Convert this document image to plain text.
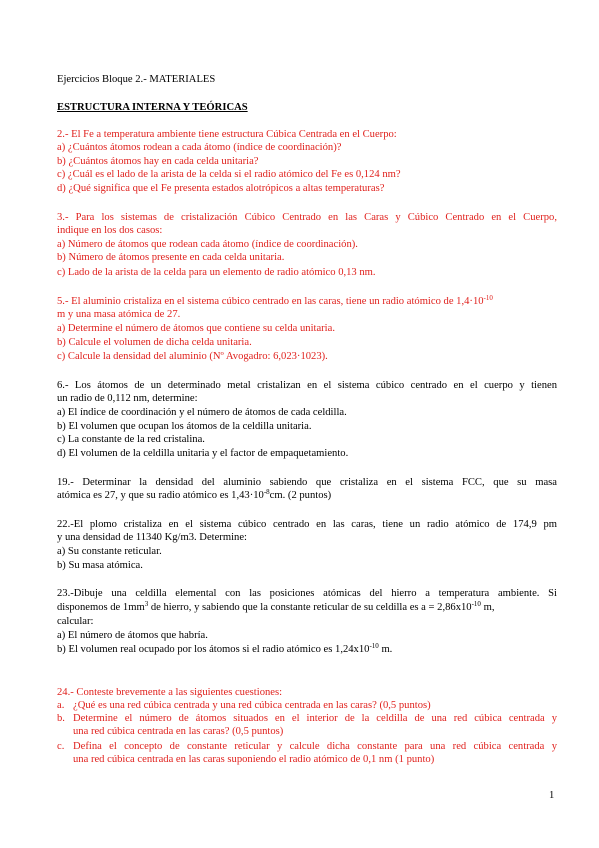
Ejercicios Bloque 2.- MATERIALES
ESTRUCTURA INTERNA Y TEÓRICAS
2.- El Fe a temperatura ambiente tiene estructura Cúbica Centrada en el Cuerpo:
a) ¿Cuántos átomos rodean a cada átomo (índice de coordinación)?
b) ¿Cuántos átomos hay en cada celda unitaria?
c) ¿Cuál es el lado de la arista de la celda si el radio atómico del Fe es 0,124 nm?
d) ¿Qué significa que el Fe presenta estados alotrópicos a altas temperaturas?
3.- Para los sistemas de cristalización Cúbico Centrado en las Caras y Cúbico Centrado en el Cuerpo,
indique en los dos casos:
a) Número de átomos que rodean cada átomo (índice de coordinación).
b) Número de átomos presente en cada celda unitaria.
c) Lado de la arista de la celda para un elemento de radio atómico 0,13 nm.
5.- El aluminio cristaliza en el sistema cúbico centrado en las caras, tiene un radio atómico de $1,4\cdot 10^{-10}$
m y una masa atómica de 27.
a) Determine el número de átomos que contiene su celda unitaria.
b) Calcule el volumen de dicha celda unitaria.
c) Calcule la densidad del aluminio (Nº Avogadro: 6,023·1023).
6.- Los átomos de un determinado metal cristalizan en el sistema cúbico centrado en el cuerpo y tienen
un radio de 0,112 nm, determine:
a) El índice de coordinación y el número de átomos de cada celdilla.
b) El volumen que ocupan los átomos de la celdilla unitaria.
c) La constante de la red cristalina.
d) El volumen de la celdilla unitaria y el factor de empaquetamiento.
19.- Determinar la densidad del aluminio sabiendo que cristaliza en el sistema FCC, que su masa
atómica es 27, y que su radio atómico es $1,43\cdot 10^{-8}cm$. (2 puntos)
22.-El plomo cristaliza en el sistema cúbico centrado en las caras, tiene un radio atómico de 174,9 pm
y una densidad de 11340 Kg/m3. Determine:
a) Su constante reticular.
b) Su masa atómica.
23.-Dibuje una celdilla elemental con las posiciones atómicas del hierro a temperatura ambiente. Si
disponemos de $1mm^3$ de hierro, y sabiendo que la constante reticular de su celdilla es $a = 2,86x10^{-10}$ m,
calcular:
a) El número de átomos que habría.
b) El volumen real ocupado por los átomos si el radio atómico es $1,24x10^{-10}$ m.
24.- Conteste brevemente a las siguientes cuestiones:
a. ¿Qué es una red cúbica centrada y una red cúbica centrada en las caras? (0,5 puntos)
b. Determine el número de átomos situados en el interior de la celdilla de una red cúbica centrada y
una red cúbica centrada en las caras? (0,5 puntos)
c. Defina el concepto de constante reticular y calcule dicha constante para una red cúbica centrada y
una red cúbica centrada en las caras suponiendo el radio atómico de 0,1 nm (1 punto)
1
